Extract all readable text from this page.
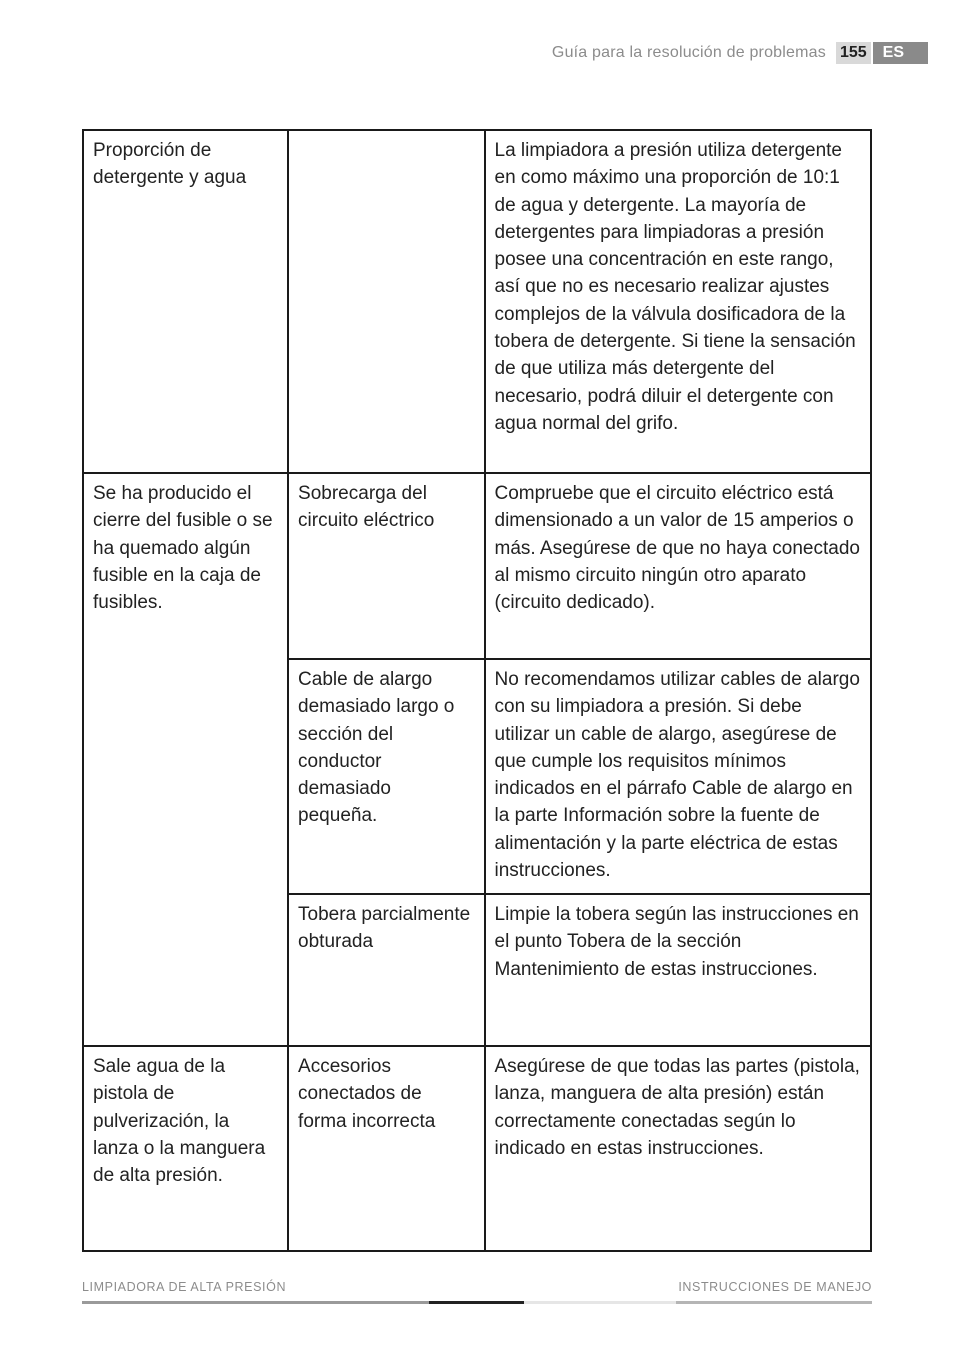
Guía para la resolución de problemas 155	ES
Proporción de detergente y agua		La limpiadora a presión utiliza detergente en como máximo una proporción de 10:1 de agua y detergente. La mayoría de detergentes para limpiadoras a presión posee una concentración en este rango, así que no es necesario realizar ajustes complejos de la válvula dosificadora de la tobera de detergente. Si tiene la sensación de que utiliza más detergente del necesario, podrá diluir el detergente con agua normal del grifo.
Se ha producido el cierre del fusible o se ha quemado algún fusible en la caja de fusibles.	Sobrecarga del circuito eléctrico	Compruebe que el circuito eléctrico está dimensionado a un valor de 15 amperios o más. Asegúrese de que no haya conectado al mismo circuito ningún otro aparato (circuito dedicado).
	Cable de alargo demasiado largo o sección del conductor demasiado pequeña.	No recomendamos utilizar cables de alargo con su limpiadora a presión. Si debe utilizar un cable de alargo, asegúrese de que cumple los requisitos mínimos indicados en el párrafo Cable de alargo en la parte Información sobre la fuente de alimentación y la parte eléctrica de estas instrucciones.
	Tobera parcialmente obturada	Limpie la tobera según las instrucciones en el punto Tobera de la sección Mantenimiento de estas instrucciones.
Sale agua de la pistola de pulverización, la lanza o la manguera de alta presión.	Accesorios conectados de forma incorrecta	Asegúrese de que todas las partes (pistola, lanza, manguera de alta presión) están correctamente conectadas según lo indicado en estas instrucciones.
LIMPIADORA DE ALTA PRESIÓN	INSTRUCCIONES DE MANEJO
